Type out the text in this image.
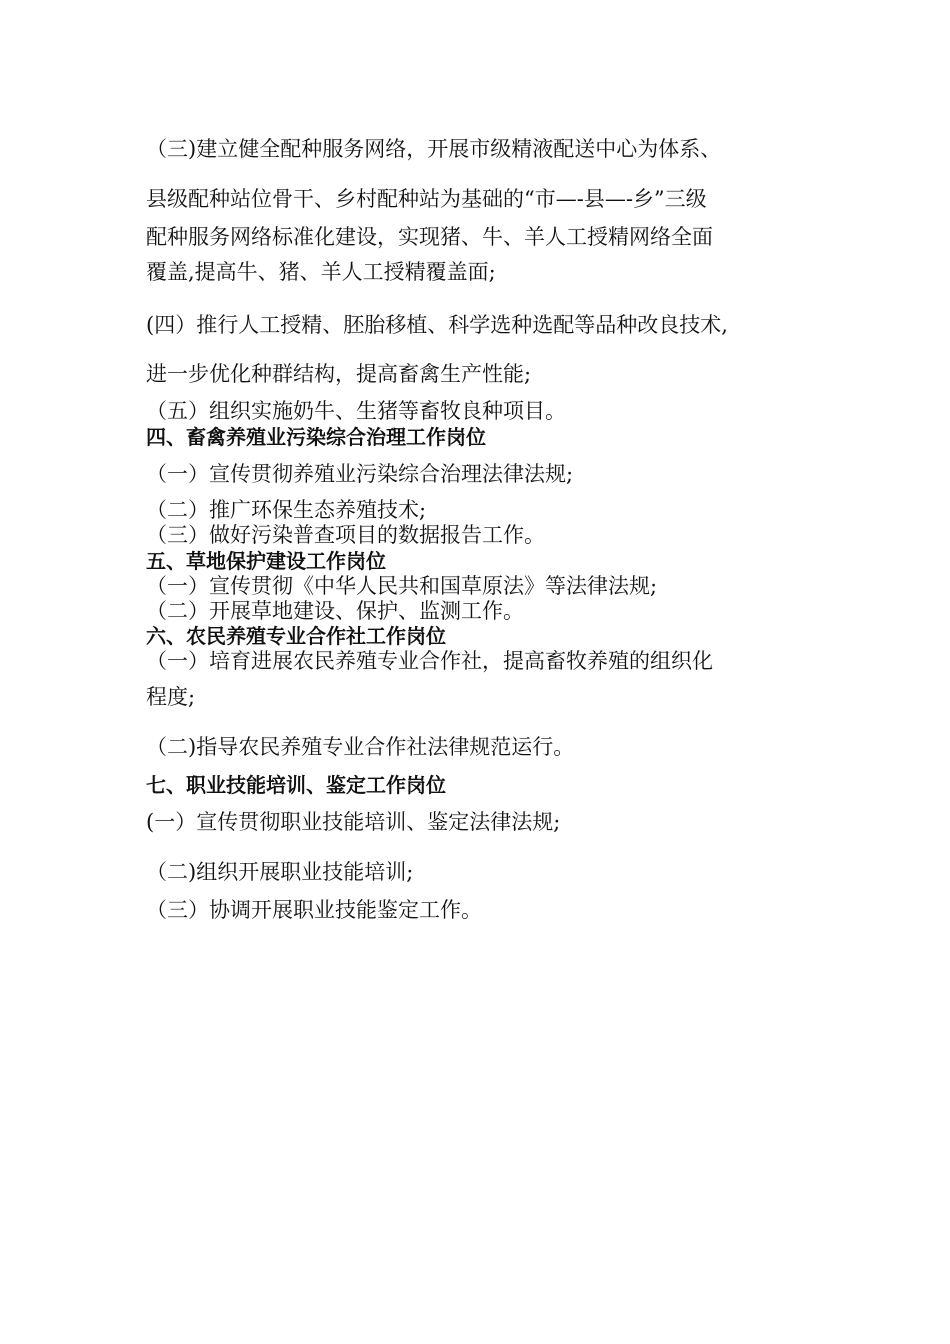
（三)建立健全配种服务网络，开展市级精液配送中心为体系、
县级配种站位骨干、乡村配种站为基础的“市—-县—-乡”三级
配种服务网络标准化建设，实现猪、牛、羊人工授精网络全面
覆盖,提高牛、猪、羊人工授精覆盖面;
(四）推行人工授精、胚胎移植、科学选种选配等品种改良技术,
进一步优化种群结构，提高畜禽生产性能;
（五）组织实施奶牛、生猪等畜牧良种项目。
四、畜禽养殖业污染综合治理工作岗位
（一）宣传贯彻养殖业污染综合治理法律法规;
（二）推广环保生态养殖技术;
（三）做好污染普查项目的数据报告工作。
五、草地保护建设工作岗位
（一）宣传贯彻《中华人民共和国草原法》等法律法规;
（二）开展草地建设、保护、监测工作。
六、农民养殖专业合作社工作岗位
（一）培育进展农民养殖专业合作社，提高畜牧养殖的组织化
程度;
（二)指导农民养殖专业合作社法律规范运行。
七、职业技能培训、鉴定工作岗位
(一）宣传贯彻职业技能培训、鉴定法律法规;
（二)组织开展职业技能培训;
（三）协调开展职业技能鉴定工作。
